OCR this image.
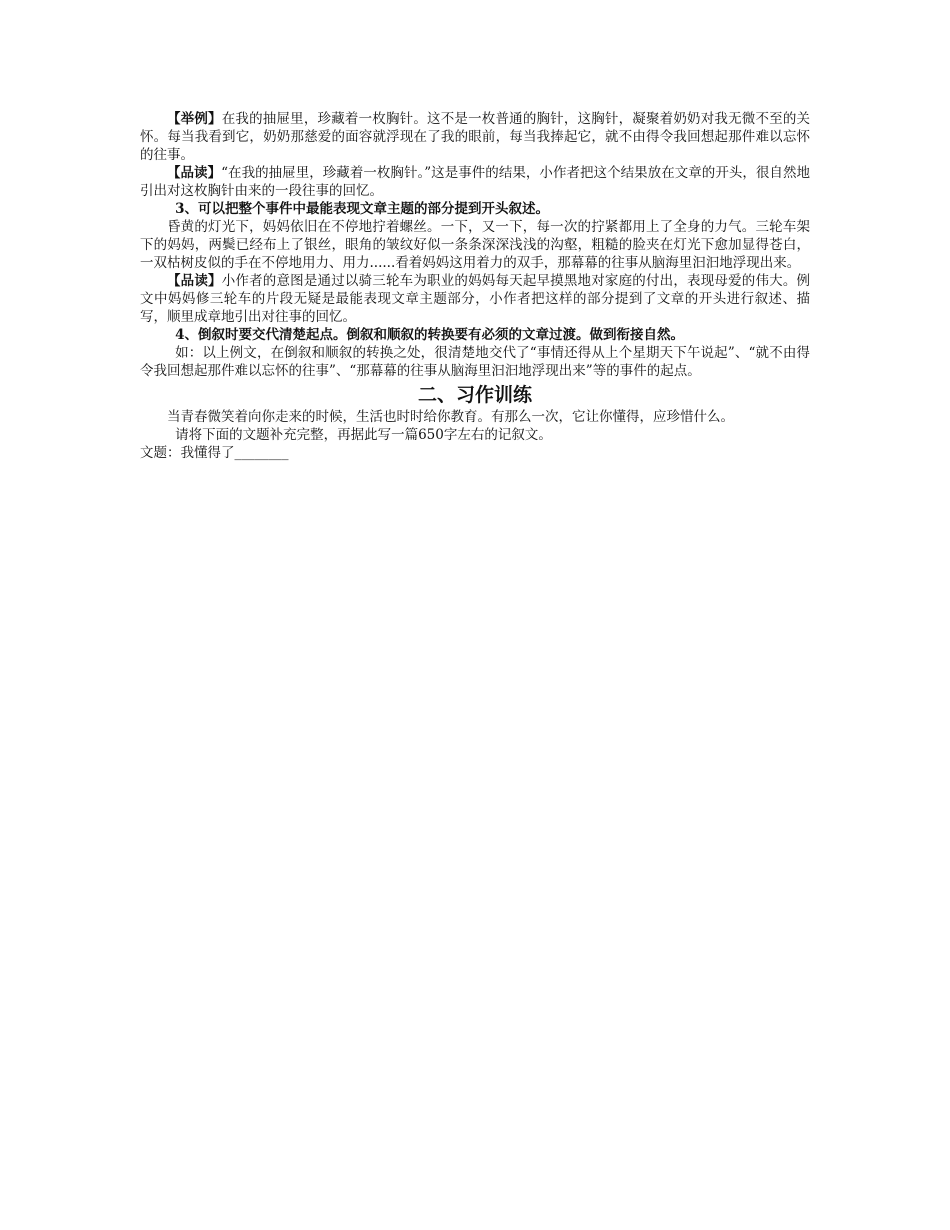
【举例】在我的抽屉里，珍藏着一枚胸针。这不是一枚普通的胸针，这胸针，凝聚着奶奶对我无微不至的关怀。每当我看到它，奶奶那慈爱的面容就浮现在了我的眼前，每当我捧起它，就不由得令我回想起那件难以忘怀的往事。

【品读】“在我的抽屉里，珍藏着一枚胸针。”这是事件的结果，小作者把这个结果放在文章的开头，很自然地引出对这枚胸针由来的一段往事的回忆。

3、可以把整个事件中最能表现文章主题的部分提到开头叙述。

昏黄的灯光下，妈妈依旧在不停地拧着螺丝。一下，又一下，每一次的拧紧都用上了全身的力气。三轮车架下的妈妈，两鬓已经布上了银丝，眼角的皱纹好似一条条深深浅浅的沟壑，粗糙的脸夹在灯光下愈加显得苍白，一双枯树皮似的手在不停地用力、用力......看着妈妈这用着力的双手，那幕幕的往事从脑海里汩汩地浮现出来。

【品读】小作者的意图是通过以骑三轮车为职业的妈妈每天起早摸黑地对家庭的付出，表现母爱的伟大。例文中妈妈修三轮车的片段无疑是最能表现文章主题部分，小作者把这样的部分提到了文章的开头进行叙述、描写，顺里成章地引出对往事的回忆。

4、倒叙时要交代清楚起点。倒叙和顺叙的转换要有必须的文章过渡。做到衔接自然。

如：以上例文，在倒叙和顺叙的转换之处，很清楚地交代了“事情还得从上个星期天下午说起”、“就不由得令我回想起那件难以忘怀的往事”、“那幕幕的往事从脑海里汩汩地浮现出来”等的事件的起点。

二、习作训练

当青春微笑着向你走来的时候，生活也时时给你教育。有那么一次，它让你懂得，应珍惜什么。

请将下面的文题补充完整，再据此写一篇650字左右的记叙文。

文题：我懂得了________
